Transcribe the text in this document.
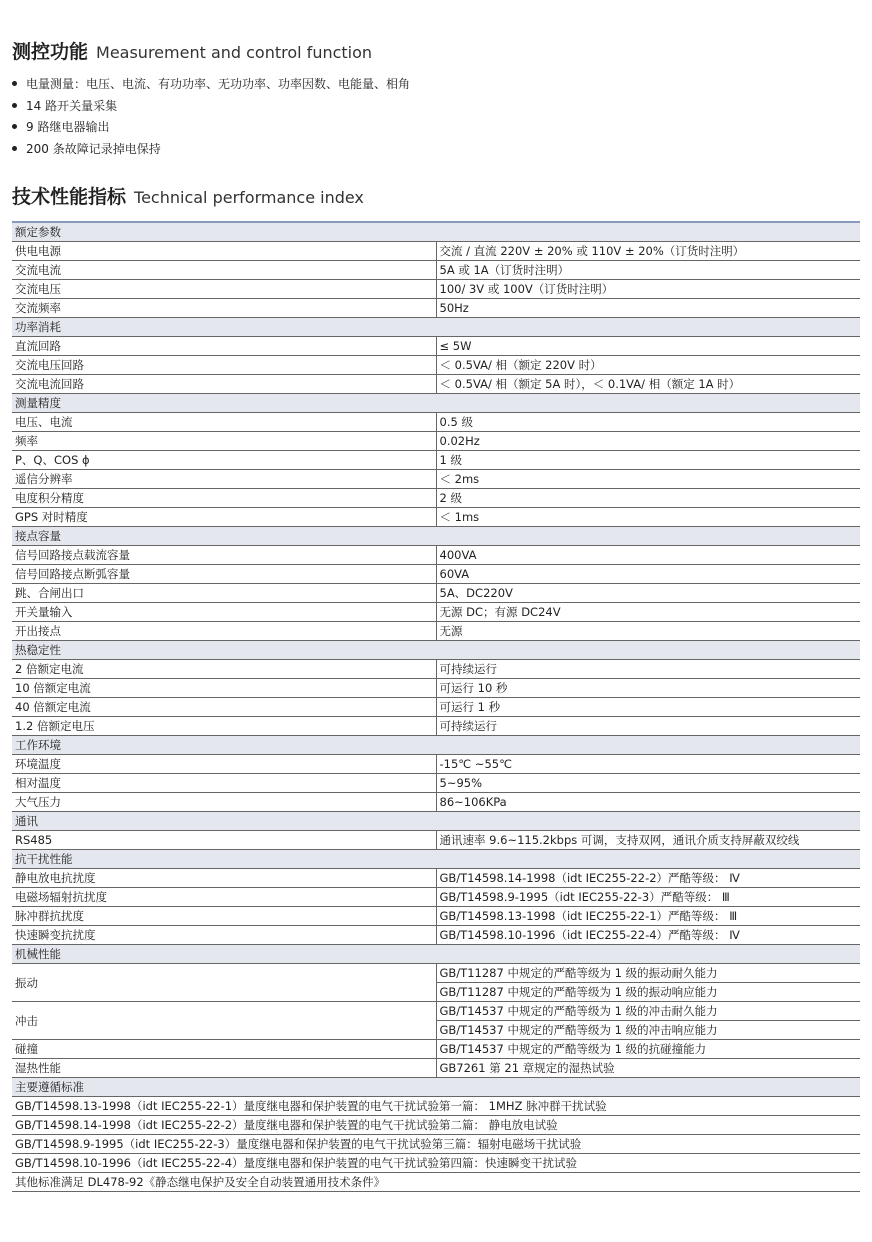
测控功能 Measurement and control function
电量测量：电压、电流、有功功率、无功功率、功率因数、电能量、相角
14 路开关量采集
9 路继电器输出
200 条故障记录掉电保持
技术性能指标 Technical performance index
额定参数	
供电电源	交流 / 直流 220V ± 20% 或 110V ± 20%（订货时注明）
交流电流	5A 或 1A（订货时注明）
交流电压	100/ 3V 或 100V（订货时注明）
交流频率	50Hz
功率消耗	
直流回路	≤ 5W
交流电压回路	＜ 0.5VA/ 相（额定 220V 时）
交流电流回路	＜ 0.5VA/ 相（额定 5A 时），＜ 0.1VA/ 相（额定 1A 时）
测量精度	
电压、电流	0.5 级
频率	0.02Hz
P、Q、COS ϕ	1 级
遥信分辨率	＜ 2ms
电度积分精度	2 级
GPS 对时精度	＜ 1ms
接点容量	
信号回路接点载流容量	400VA
信号回路接点断弧容量	60VA
跳、合闸出口	5A、DC220V
开关量输入	无源 DC；有源 DC24V
开出接点	无源
热稳定性	
2 倍额定电流	可持续运行
10 倍额定电流	可运行 10 秒
40 倍额定电流	可运行 1 秒
1.2 倍额定电压	可持续运行
工作环境	
环境温度	-15℃ ~55℃
相对温度	5~95%
大气压力	86~106KPa
通讯	
RS485	通讯速率 9.6~115.2kbps 可调，支持双网，通讯介质支持屏蔽双绞线
抗干扰性能	
静电放电抗扰度	GB/T14598.14-1998（idt IEC255-22-2）严酷等级： Ⅳ
电磁场辐射抗扰度	GB/T14598.9-1995（idt IEC255-22-3）严酷等级： Ⅲ
脉冲群抗扰度	GB/T14598.13-1998（idt IEC255-22-1）严酷等级： Ⅲ
快速瞬变抗扰度	GB/T14598.10-1996（idt IEC255-22-4）严酷等级： Ⅳ
机械性能	
振动	GB/T11287 中规定的严酷等级为 1 级的振动耐久能力
	GB/T11287 中规定的严酷等级为 1 级的振动响应能力
冲击	GB/T14537 中规定的严酷等级为 1 级的冲击耐久能力
	GB/T14537 中规定的严酷等级为 1 级的冲击响应能力
碰撞	GB/T14537 中规定的严酷等级为 1 级的抗碰撞能力
湿热性能	GB7261 第 21 章规定的湿热试验
主要遵循标准	
GB/T14598.13-1998（idt IEC255-22-1）量度继电器和保护装置的电气干扰试验第一篇： 1MHZ 脉冲群干扰试验	
GB/T14598.14-1998（idt IEC255-22-2）量度继电器和保护装置的电气干扰试验第二篇： 静电放电试验	
GB/T14598.9-1995（idt IEC255-22-3）量度继电器和保护装置的电气干扰试验第三篇：辐射电磁场干扰试验	
GB/T14598.10-1996（idt IEC255-22-4）量度继电器和保护装置的电气干扰试验第四篇：快速瞬变干扰试验	
其他标准满足 DL478-92《静态继电保护及安全自动装置通用技术条件》	
